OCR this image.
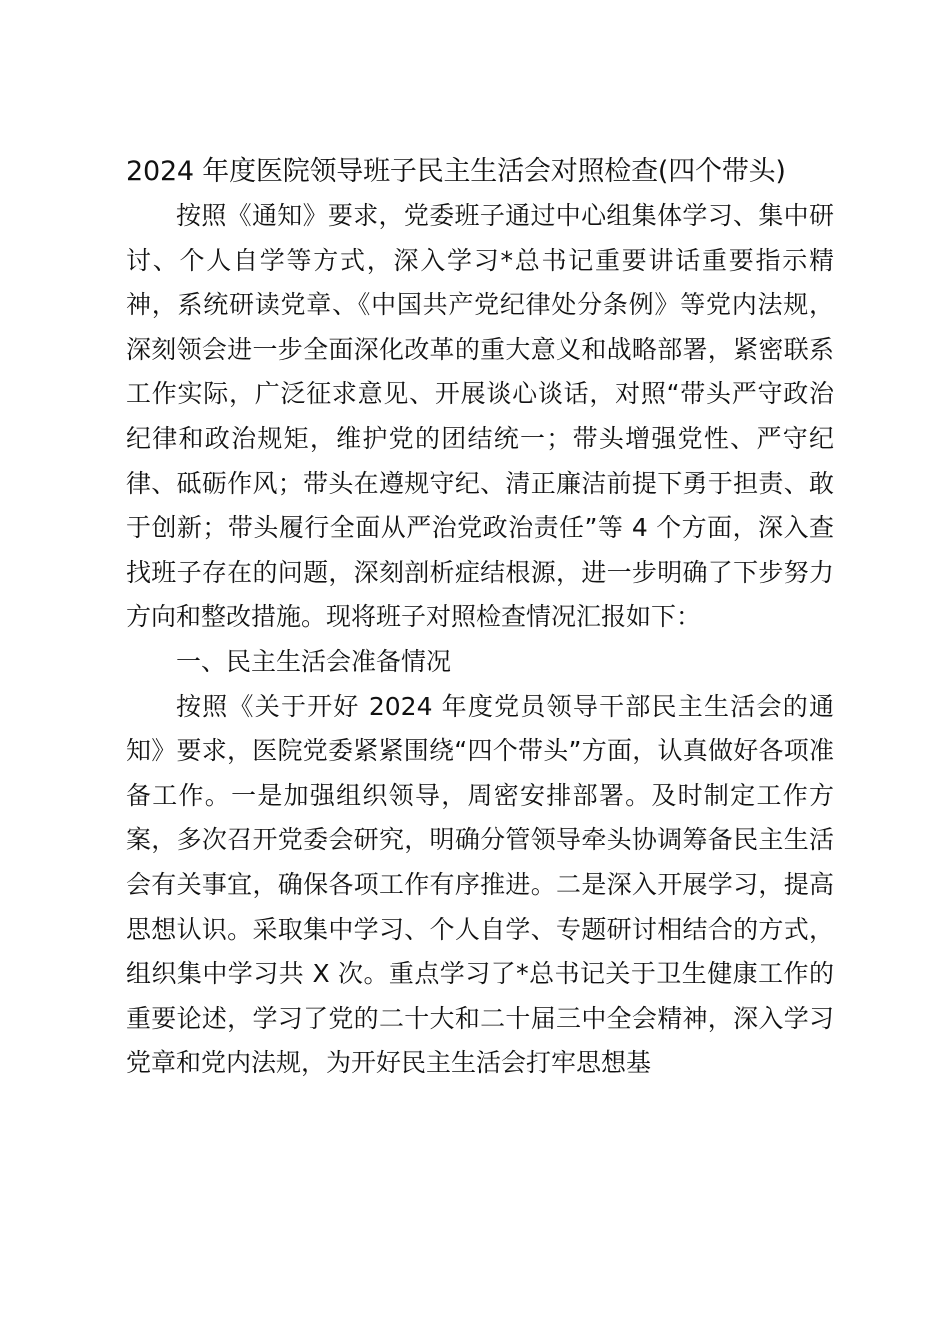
2024 年度医院领导班子民主生活会对照检查(四个带头)

按照《通知》要求，党委班子通过中心组集体学习、集中研讨、个人自学等方式，深入学习*总书记重要讲话重要指示精神，系统研读党章、《中国共产党纪律处分条例》等党内法规，深刻领会进一步全面深化改革的重大意义和战略部署，紧密联系工作实际，广泛征求意见、开展谈心谈话，对照“带头严守政治纪律和政治规矩，维护党的团结统一；带头增强党性、严守纪律、砥砺作风；带头在遵规守纪、清正廉洁前提下勇于担责、敢于创新；带头履行全面从严治党政治责任”等 4 个方面，深入查找班子存在的问题，深刻剖析症结根源，进一步明确了下步努力方向和整改措施。现将班子对照检查情况汇报如下：

一、民主生活会准备情况

按照《关于开好 2024 年度党员领导干部民主生活会的通知》要求，医院党委紧紧围绕“四个带头”方面，认真做好各项准备工作。一是加强组织领导，周密安排部署。及时制定工作方案，多次召开党委会研究，明确分管领导牵头协调筹备民主生活会有关事宜，确保各项工作有序推进。二是深入开展学习，提高思想认识。采取集中学习、个人自学、专题研讨相结合的方式，组织集中学习共 X 次。重点学习了*总书记关于卫生健康工作的重要论述，学习了党的二十大和二十届三中全会精神，深入学习党章和党内法规，为开好民主生活会打牢思想基
